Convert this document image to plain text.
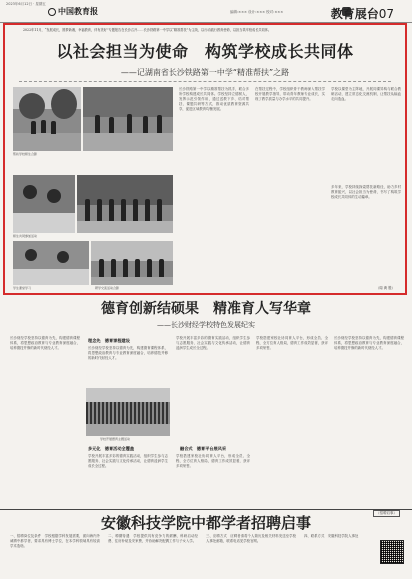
2023年6月12日 · 星期五
中国教育报	编辑:××× 设计:××× 校对:×××	教育展台07
2022年11月，“发展成长，圆梦新湘，幸福教育，伴有美好”专题报告在长沙召开……长沙铁路第一中学以“精准帮扶”为主线，以行动践行教育使命，以担当筑牢校成长共同体。
以社会担当为使命　构筑学校成长共同体
——记湖南省长沙铁路第一中学“精准帮扶”之路
帮扶学校师生合影
师生共同参加活动
学生课堂学习	研学交流活动合影
长沙铁路第一中学以精准帮扶为抓手，联合多所学校构建成长共同体。学校坚持立德树人，发挥示范引领作用，通过送教下乡、结对帮扶、课题共研等方式，推动优质教育资源共享，促进区域教育均衡发展。
在帮扶过程中，学校组织骨干教师深入帮扶学校开展教学指导，带动青年教师专业成长，实现了教学质量与办学水平的共同提升。
学校以课堂为主阵地，开展同课异构与联合教研活动，建立常态化交流机制，让帮扶从输血走向造血。
多年来，学校持续探索帮扶新路径，助力乡村教育振兴，以社会担当为使命，书写了构筑学校成长共同体的生动篇章。
（周 黄 胜）
德育创新结硕果　精准育人写华章
——长沙财经学校特色发展纪实
长沙财经学校坚持以德育为先，构建德育课程体系，将思想政治教育与专业教育深度融合，培养德技并修的新时代财经人才。
理念先　德育课程建设
长沙财经学校坚持以德育为先，构建德育课程体系，将思想政治教育与专业教育深度融合，培养德技并修的新时代财经人才。
学校开展德育主题活动
多元化　德育活动全覆盖
学校开展丰富多彩的德育实践活动，组织学生参与志愿服务、社会实践与文化传承活动，让德育浸润学生成长全过程。
学校开展丰富多彩的德育实践活动，组织学生参与志愿服务、社会实践与文化传承活动，让德育浸润学生成长全过程。
融合式　德育平台展风采
学校搭建家校社协同育人平台，形成全员、全程、全方位育人格局，德育工作成效显著，获评多项荣誉。
学校搭建家校社协同育人平台，形成全员、全程、全方位育人格局，德育工作成效显著，获评多项荣誉。
长沙财经学校坚持以德育为先，构建德育课程体系，将思想政治教育与专业教育深度融合，培养德技并修的新时代财经人才。
（招聘启事）
安徽科技学院中都学者招聘启事
一、招聘岗位及条件　学校根据学科发展需要，面向海内外诚聘中都学者，要求具有博士学位，在本学科领域具有较高学术造诣。
二、聘期待遇　学校提供具有竞争力的薪酬、科研启动经费、住房补贴及安家费，并协助解决配偶工作与子女入学。
三、应聘方式　应聘者请将个人简历及相关材料发送至学校人事处邮箱，联系电话见学校官网。
四、联系方式　安徽科技学院人事处
